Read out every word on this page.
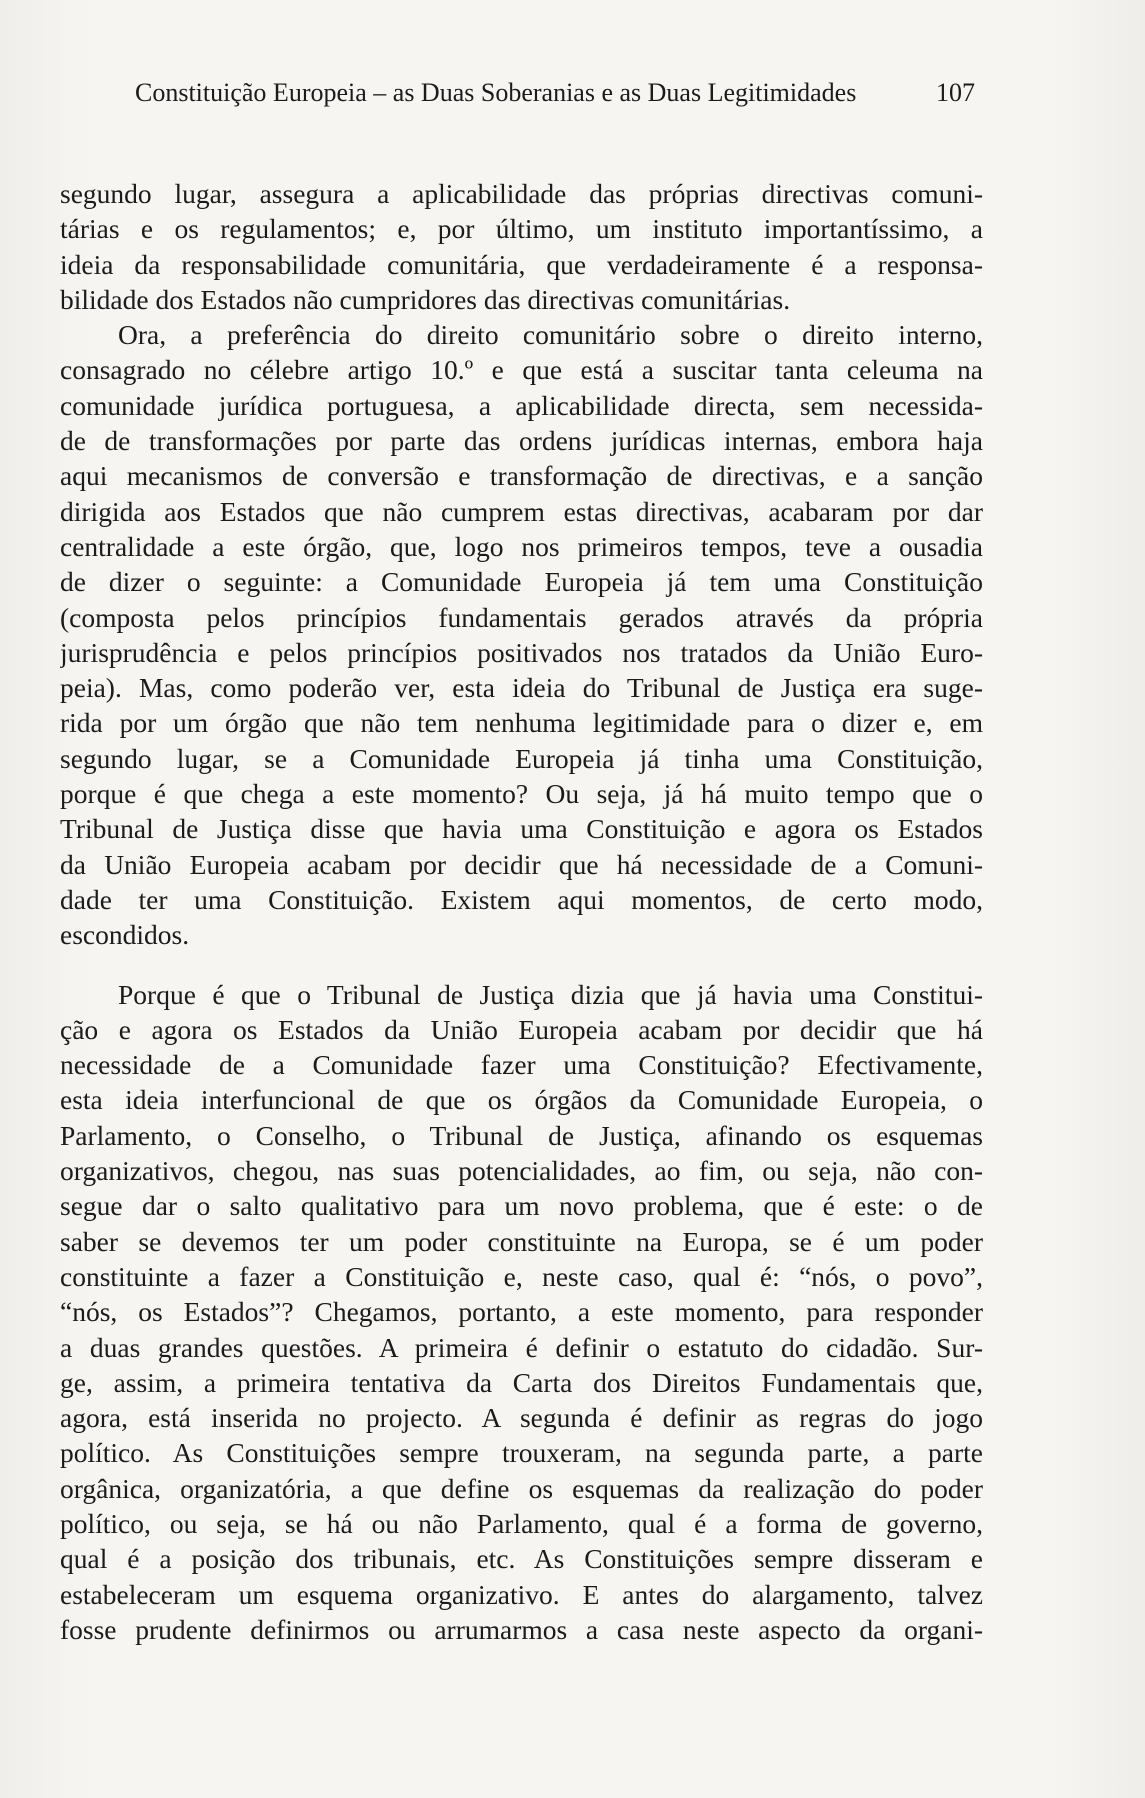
Constituição Europeia – as Duas Soberanias e as Duas Legitimidades	107
segundo lugar, assegura a aplicabilidade das próprias directivas comuni-
tárias e os regulamentos; e, por último, um instituto importantíssimo, a
ideia da responsabilidade comunitária, que verdadeiramente é a responsa-
bilidade dos Estados não cumpridores das directivas comunitárias.
Ora, a preferência do direito comunitário sobre o direito interno,
consagrado no célebre artigo 10.º e que está a suscitar tanta celeuma na
comunidade jurídica portuguesa, a aplicabilidade directa, sem necessida-
de de transformações por parte das ordens jurídicas internas, embora haja
aqui mecanismos de conversão e transformação de directivas, e a sanção
dirigida aos Estados que não cumprem estas directivas, acabaram por dar
centralidade a este órgão, que, logo nos primeiros tempos, teve a ousadia
de dizer o seguinte: a Comunidade Europeia já tem uma Constituição
(composta pelos princípios fundamentais gerados através da própria
jurisprudência e pelos princípios positivados nos tratados da União Euro-
peia). Mas, como poderão ver, esta ideia do Tribunal de Justiça era suge-
rida por um órgão que não tem nenhuma legitimidade para o dizer e, em
segundo lugar, se a Comunidade Europeia já tinha uma Constituição,
porque é que chega a este momento? Ou seja, já há muito tempo que o
Tribunal de Justiça disse que havia uma Constituição e agora os Estados
da União Europeia acabam por decidir que há necessidade de a Comuni-
dade ter uma Constituição. Existem aqui momentos, de certo modo,
escondidos.
Porque é que o Tribunal de Justiça dizia que já havia uma Constitui-
ção e agora os Estados da União Europeia acabam por decidir que há
necessidade de a Comunidade fazer uma Constituição? Efectivamente,
esta ideia interfuncional de que os órgãos da Comunidade Europeia, o
Parlamento, o Conselho, o Tribunal de Justiça, afinando os esquemas
organizativos, chegou, nas suas potencialidades, ao fim, ou seja, não con-
segue dar o salto qualitativo para um novo problema, que é este: o de
saber se devemos ter um poder constituinte na Europa, se é um poder
constituinte a fazer a Constituição e, neste caso, qual é: “nós, o povo”,
“nós, os Estados”? Chegamos, portanto, a este momento, para responder
a duas grandes questões. A primeira é definir o estatuto do cidadão. Sur-
ge, assim, a primeira tentativa da Carta dos Direitos Fundamentais que,
agora, está inserida no projecto. A segunda é definir as regras do jogo
político. As Constituições sempre trouxeram, na segunda parte, a parte
orgânica, organizatória, a que define os esquemas da realização do poder
político, ou seja, se há ou não Parlamento, qual é a forma de governo,
qual é a posição dos tribunais, etc. As Constituições sempre disseram e
estabeleceram um esquema organizativo. E antes do alargamento, talvez
fosse prudente definirmos ou arrumarmos a casa neste aspecto da organi-
